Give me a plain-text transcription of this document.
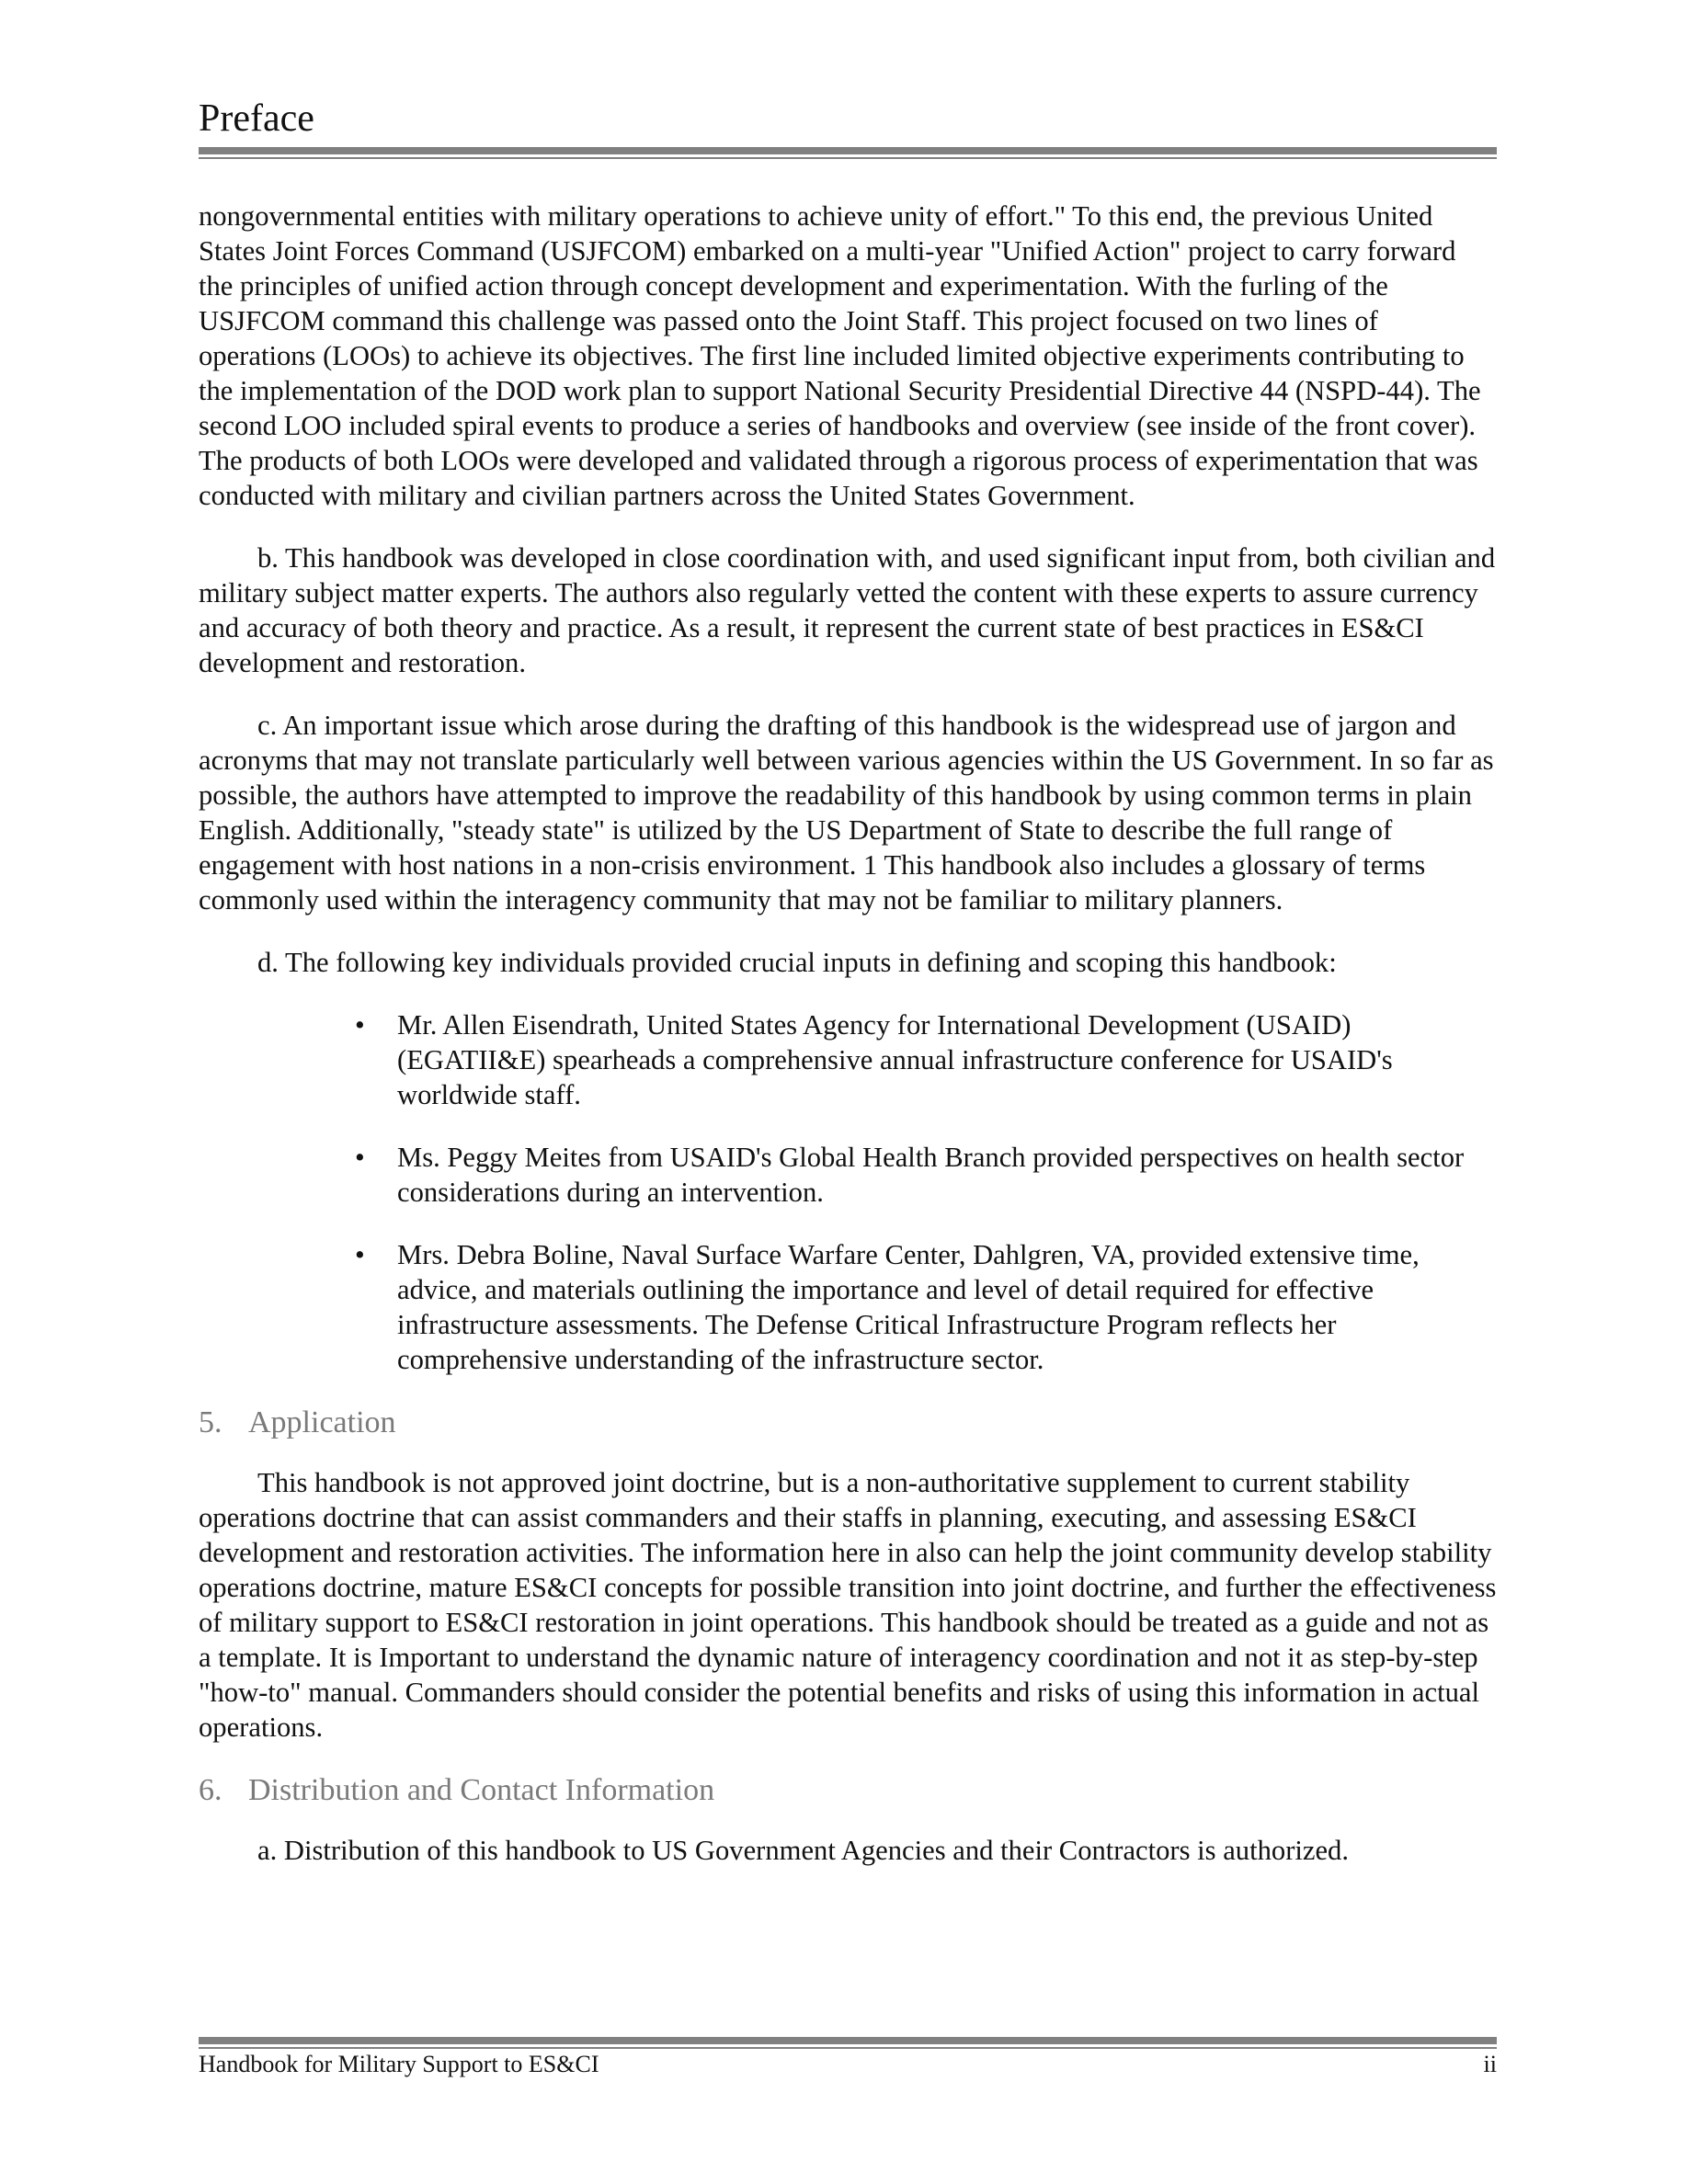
Preface

nongovernmental entities with military operations to achieve unity of effort." To this end, the previous United States Joint Forces Command (USJFCOM) embarked on a multi-year "Unified Action" project to carry forward the principles of unified action through concept development and experimentation. With the furling of the USJFCOM command this challenge was passed onto the Joint Staff. This project focused on two lines of operations (LOOs) to achieve its objectives. The first line included limited objective experiments contributing to the implementation of the DOD work plan to support National Security Presidential Directive 44 (NSPD-44). The second LOO included spiral events to produce a series of handbooks and overview (see inside of the front cover). The products of both LOOs were developed and validated through a rigorous process of experimentation that was conducted with military and civilian partners across the United States Government.

b. This handbook was developed in close coordination with, and used significant input from, both civilian and military subject matter experts. The authors also regularly vetted the content with these experts to assure currency and accuracy of both theory and practice. As a result, it represent the current state of best practices in ES&CI development and restoration.

c. An important issue which arose during the drafting of this handbook is the widespread use of jargon and acronyms that may not translate particularly well between various agencies within the US Government. In so far as possible, the authors have attempted to improve the readability of this handbook by using common terms in plain English. Additionally, "steady state" is utilized by the US Department of State to describe the full range of engagement with host nations in a non-crisis environment. 1 This handbook also includes a glossary of terms commonly used within the interagency community that may not be familiar to military planners.

d. The following key individuals provided crucial inputs in defining and scoping this handbook:

• Mr. Allen Eisendrath, United States Agency for International Development (USAID) (EGATII&E) spearheads a comprehensive annual infrastructure conference for USAID's worldwide staff.
• Ms. Peggy Meites from USAID's Global Health Branch provided perspectives on health sector considerations during an intervention.
• Mrs. Debra Boline, Naval Surface Warfare Center, Dahlgren, VA, provided extensive time, advice, and materials outlining the importance and level of detail required for effective infrastructure assessments. The Defense Critical Infrastructure Program reflects her comprehensive understanding of the infrastructure sector.
5. Application

This handbook is not approved joint doctrine, but is a non-authoritative supplement to current stability operations doctrine that can assist commanders and their staffs in planning, executing, and assessing ES&CI development and restoration activities. The information here in also can help the joint community develop stability operations doctrine, mature ES&CI concepts for possible transition into joint doctrine, and further the effectiveness of military support to ES&CI restoration in joint operations. This handbook should be treated as a guide and not as a template. It is Important to understand the dynamic nature of interagency coordination and not it as step-by-step "how-to" manual. Commanders should consider the potential benefits and risks of using this information in actual operations.

6. Distribution and Contact Information

a. Distribution of this handbook to US Government Agencies and their Contractors is authorized.

Handbook for Military Support to ES&CI	ii
